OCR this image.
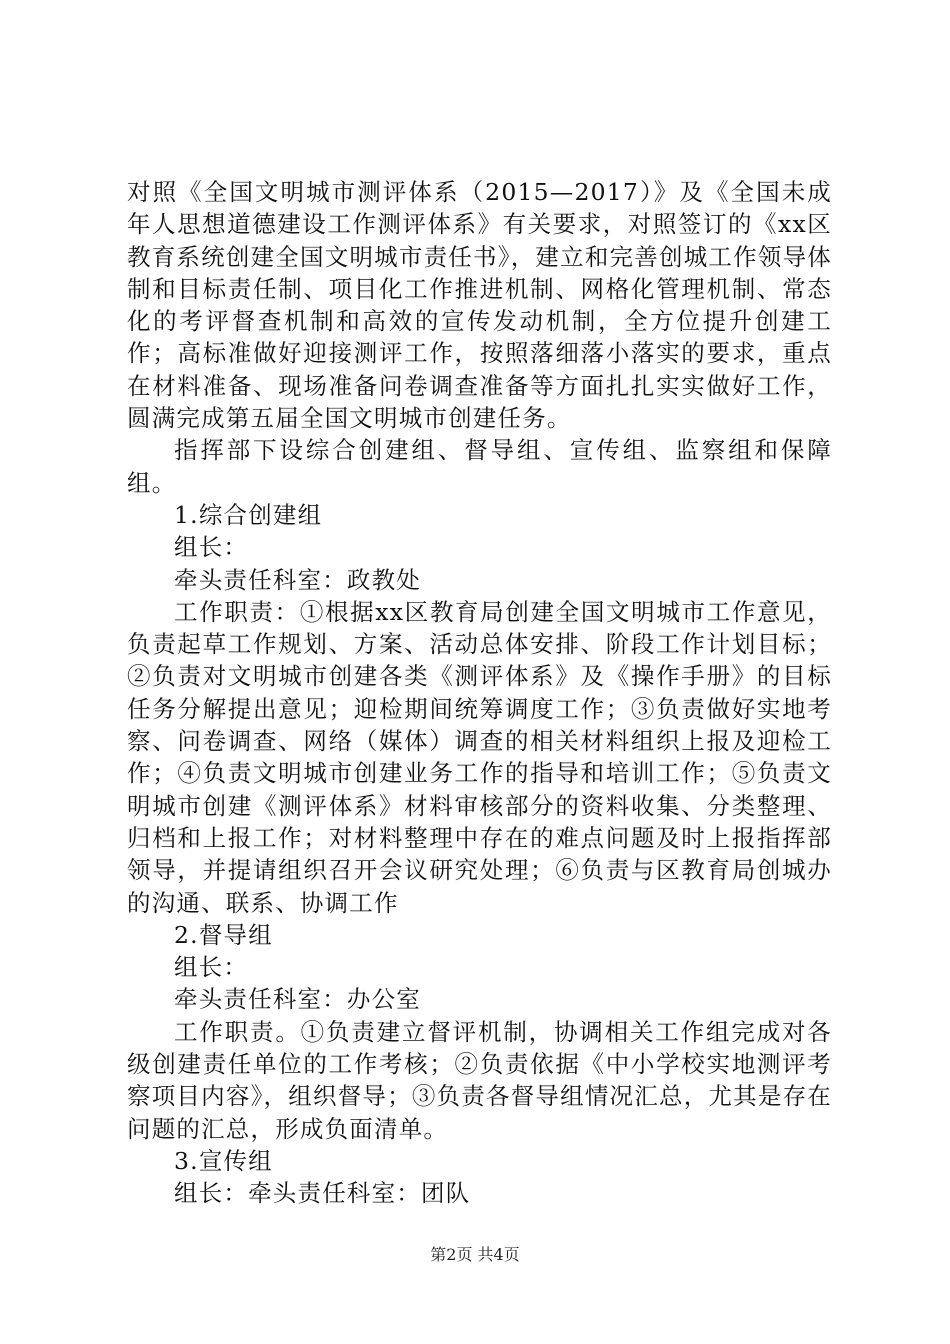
对照《全国文明城市测评体系（2015—2017）》及《全国未成年人思想道德建设工作测评体系》有关要求，对照签订的《xx区教育系统创建全国文明城市责任书》，建立和完善创城工作领导体制和目标责任制、项目化工作推进机制、网格化管理机制、常态化的考评督查机制和高效的宣传发动机制，全方位提升创建工作；高标准做好迎接测评工作，按照落细落小落实的要求，重点在材料准备、现场准备问卷调查准备等方面扎扎实实做好工作，圆满完成第五届全国文明城市创建任务。

指挥部下设综合创建组、督导组、宣传组、监察组和保障组。

1.综合创建组

组长：

牵头责任科室：政教处

工作职责：①根据xx区教育局创建全国文明城市工作意见，负责起草工作规划、方案、活动总体安排、阶段工作计划目标；②负责对文明城市创建各类《测评体系》及《操作手册》的目标任务分解提出意见；迎检期间统筹调度工作；③负责做好实地考察、问卷调查、网络（媒体）调查的相关材料组织上报及迎检工作；④负责文明城市创建业务工作的指导和培训工作；⑤负责文明城市创建《测评体系》材料审核部分的资料收集、分类整理、归档和上报工作；对材料整理中存在的难点问题及时上报指挥部领导，并提请组织召开会议研究处理；⑥负责与区教育局创城办的沟通、联系、协调工作

2.督导组

组长：

牵头责任科室：办公室

工作职责。①负责建立督评机制，协调相关工作组完成对各级创建责任单位的工作考核；②负责依据《中小学校实地测评考察项目内容》，组织督导；③负责各督导组情况汇总，尤其是存在问题的汇总，形成负面清单。

3.宣传组

组长：牵头责任科室：团队

第2页 共4页
